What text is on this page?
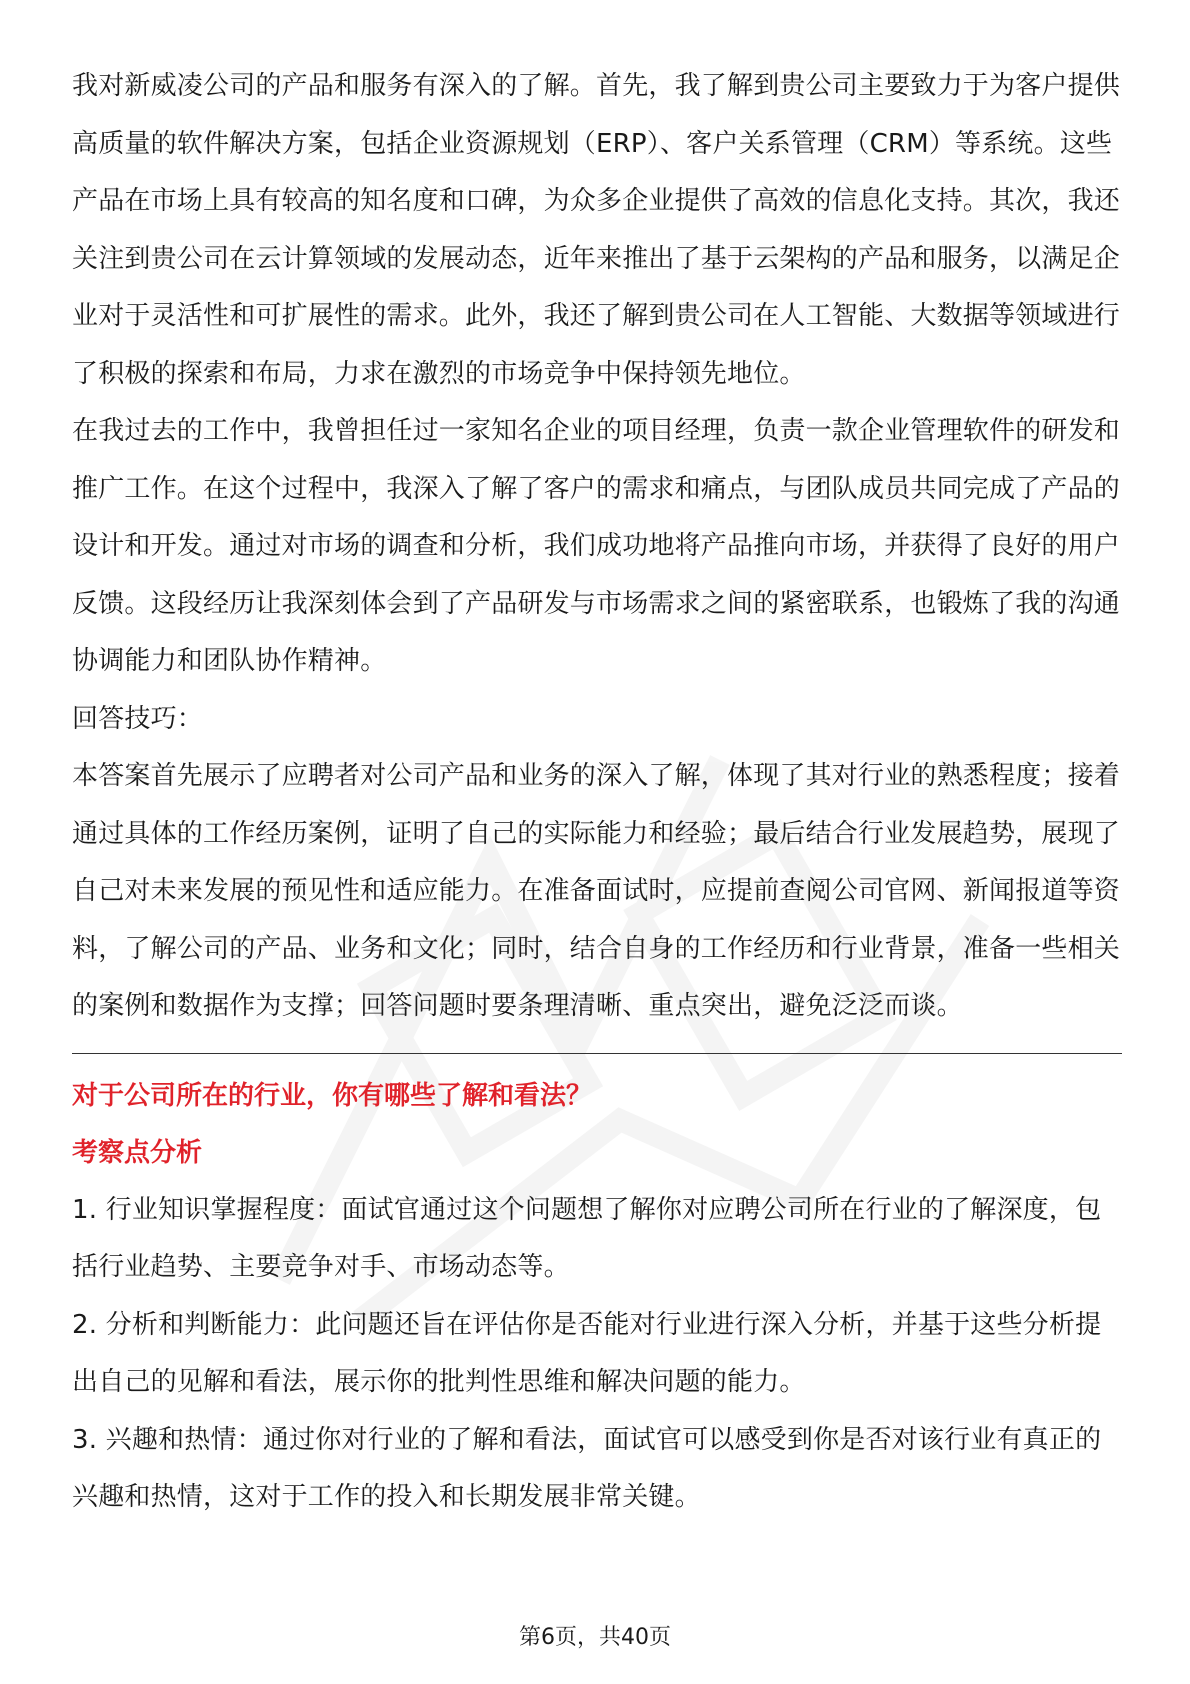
我对新威凌公司的产品和服务有深入的了解。首先，我了解到贵公司主要致力于为客户提供高质量的软件解决方案，包括企业资源规划（ERP）、客户关系管理（CRM）等系统。这些产品在市场上具有较高的知名度和口碑，为众多企业提供了高效的信息化支持。其次，我还关注到贵公司在云计算领域的发展动态，近年来推出了基于云架构的产品和服务，以满足企业对于灵活性和可扩展性的需求。此外，我还了解到贵公司在人工智能、大数据等领域进行了积极的探索和布局，力求在激烈的市场竞争中保持领先地位。

在我过去的工作中，我曾担任过一家知名企业的项目经理，负责一款企业管理软件的研发和推广工作。在这个过程中，我深入了解了客户的需求和痛点，与团队成员共同完成了产品的设计和开发。通过对市场的调查和分析，我们成功地将产品推向市场，并获得了良好的用户反馈。这段经历让我深刻体会到了产品研发与市场需求之间的紧密联系，也锻炼了我的沟通协调能力和团队协作精神。

回答技巧：

本答案首先展示了应聘者对公司产品和业务的深入了解，体现了其对行业的熟悉程度；接着通过具体的工作经历案例，证明了自己的实际能力和经验；最后结合行业发展趋势，展现了自己对未来发展的预见性和适应能力。在准备面试时，应提前查阅公司官网、新闻报道等资料，了解公司的产品、业务和文化；同时，结合自身的工作经历和行业背景，准备一些相关的案例和数据作为支撑；回答问题时要条理清晰、重点突出，避免泛泛而谈。

对于公司所在的行业，你有哪些了解和看法？

考察点分析

1. 行业知识掌握程度：面试官通过这个问题想了解你对应聘公司所在行业的了解深度，包括行业趋势、主要竞争对手、市场动态等。

2. 分析和判断能力：此问题还旨在评估你是否能对行业进行深入分析，并基于这些分析提出自己的见解和看法，展示你的批判性思维和解决问题的能力。

3. 兴趣和热情：通过你对行业的了解和看法，面试官可以感受到你是否对该行业有真正的兴趣和热情，这对于工作的投入和长期发展非常关键。

第6页，共40页
